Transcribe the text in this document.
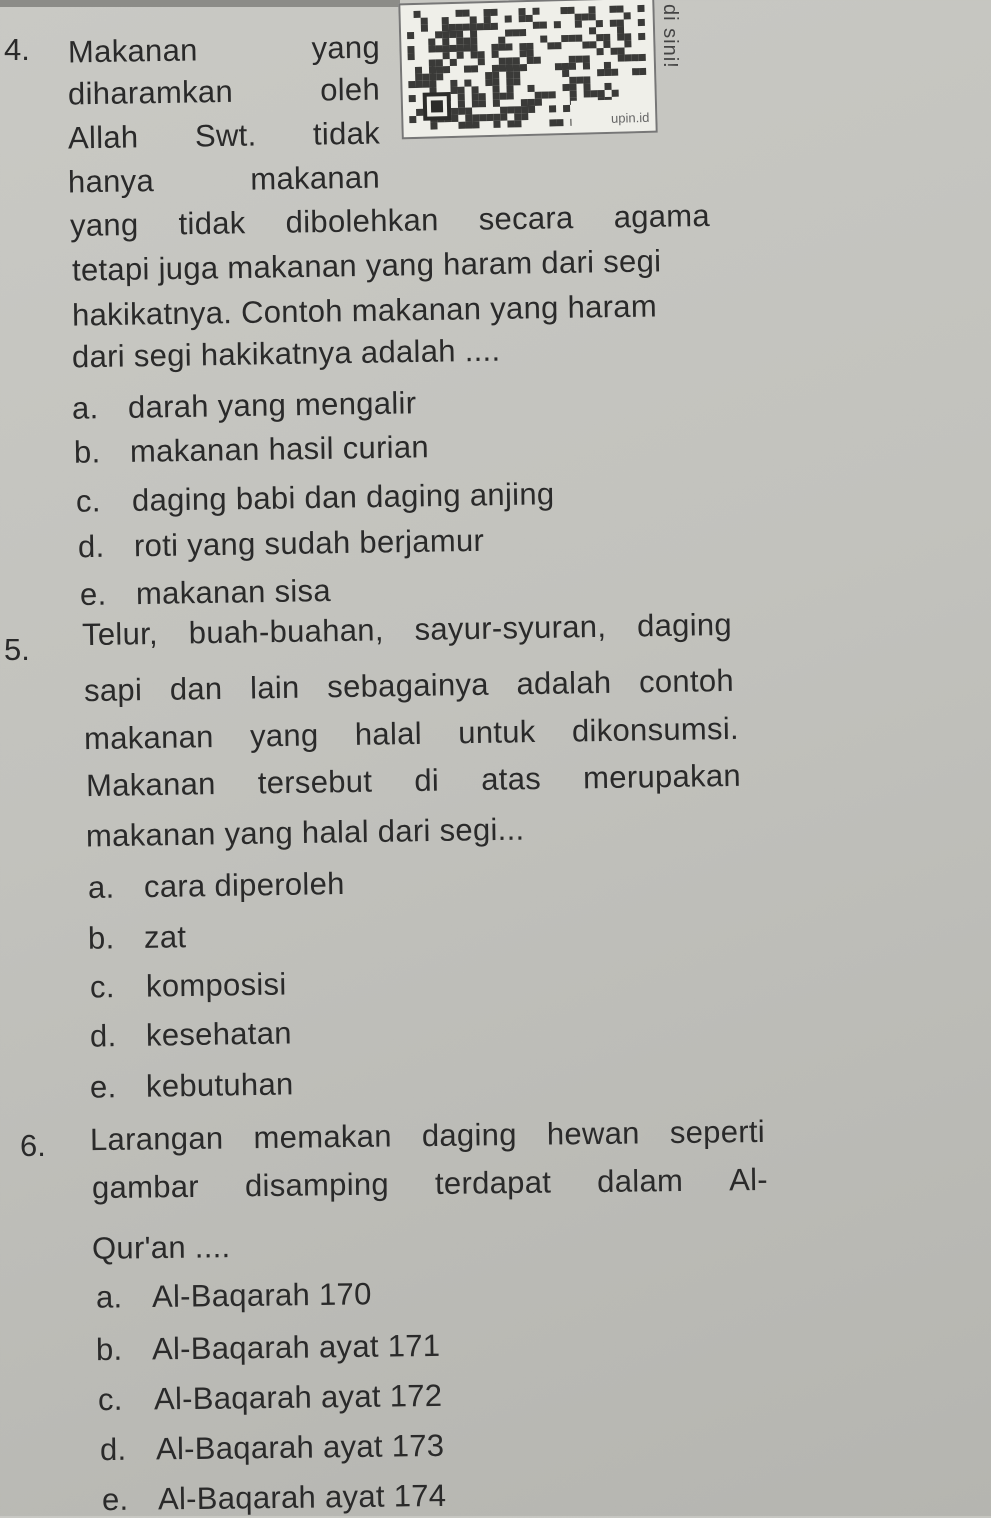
upin.id
di sini!
4. Makanan	yang
diharamkan	oleh
Allah Swt. tidak
hanya	makanan
yang tidak dibolehkan secara agama
tetapi juga makanan yang haram dari segi
hakikatnya. Contoh makanan yang haram
dari segi hakikatnya adalah ....
a. darah yang mengalir
b. makanan hasil curian
c. daging babi dan daging anjing
d. roti yang sudah berjamur
e. makanan sisa
5. Telur, buah-buahan, sayur-syuran, daging
sapi dan lain sebagainya adalah contoh
makanan yang halal untuk dikonsumsi.
Makanan tersebut di atas merupakan
makanan yang halal dari segi...
a. cara diperoleh
b. zat
c. komposisi
d. kesehatan
e. kebutuhan
6. Larangan memakan daging hewan seperti
gambar disamping terdapat dalam Al-
Qur'an ....
a. Al-Baqarah 170
b. Al-Baqarah ayat 171
c. Al-Baqarah ayat 172
d. Al-Baqarah ayat 173
e. Al-Baqarah ayat 174
